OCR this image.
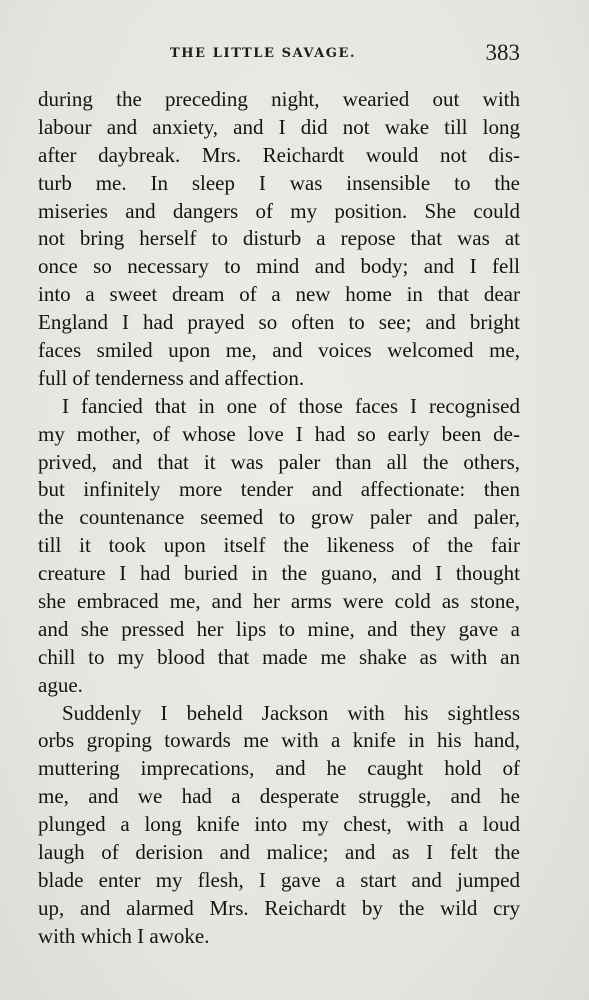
THE LITTLE SAVAGE.	383
during the preceding night, wearied out with
labour and anxiety, and I did not wake till long
after daybreak. Mrs. Reichardt would not dis-
turb me. In sleep I was insensible to the
miseries and dangers of my position. She could
not bring herself to disturb a repose that was at
once so necessary to mind and body; and I fell
into a sweet dream of a new home in that dear
England I had prayed so often to see; and bright
faces smiled upon me, and voices welcomed me,
full of tenderness and affection.
I fancied that in one of those faces I recognised
my mother, of whose love I had so early been de-
prived, and that it was paler than all the others,
but infinitely more tender and affectionate: then
the countenance seemed to grow paler and paler,
till it took upon itself the likeness of the fair
creature I had buried in the guano, and I thought
she embraced me, and her arms were cold as stone,
and she pressed her lips to mine, and they gave a
chill to my blood that made me shake as with an
ague.
Suddenly I beheld Jackson with his sightless
orbs groping towards me with a knife in his hand,
muttering imprecations, and he caught hold of
me, and we had a desperate struggle, and he
plunged a long knife into my chest, with a loud
laugh of derision and malice; and as I felt the
blade enter my flesh, I gave a start and jumped
up, and alarmed Mrs. Reichardt by the wild cry
with which I awoke.
